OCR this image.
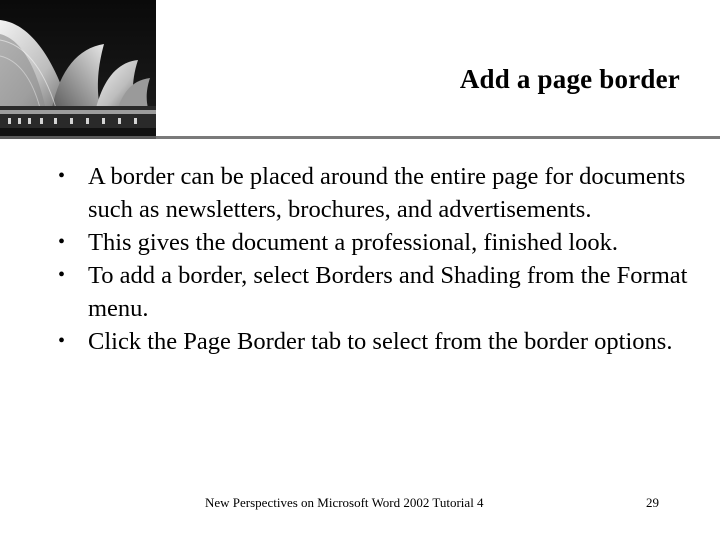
Add a page border
• A border can be placed around the entire page for documents such as newsletters, brochures, and advertisements.
• This gives the document a professional, finished look.
• To add a border, select Borders and Shading from the Format menu.
• Click the Page Border tab to select from the border options.
New Perspectives on Microsoft Word 2002 Tutorial 4	29
